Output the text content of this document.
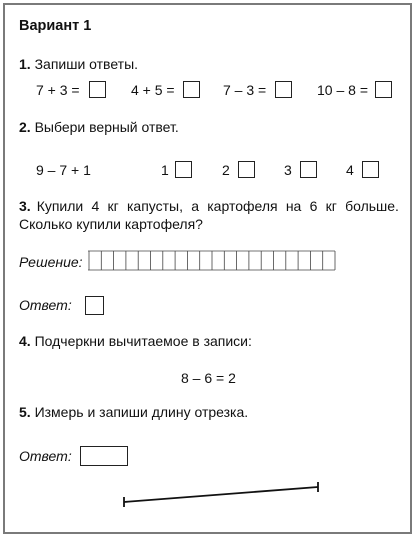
Вариант 1
1. Запиши ответы.
7 + 3 =	4 + 5 =	7 – 3 =	10 – 8 =
2. Выбери верный ответ.
9 – 7 + 1	1	2	3	4
3. Купили 4 кг капусты, а картофеля на 6 кг больше.
Сколько купили картофеля?
Решение:
Ответ:
4. Подчеркни вычитаемое в записи:
8 – 6 = 2
5. Измерь и запиши длину отрезка.
Ответ:
